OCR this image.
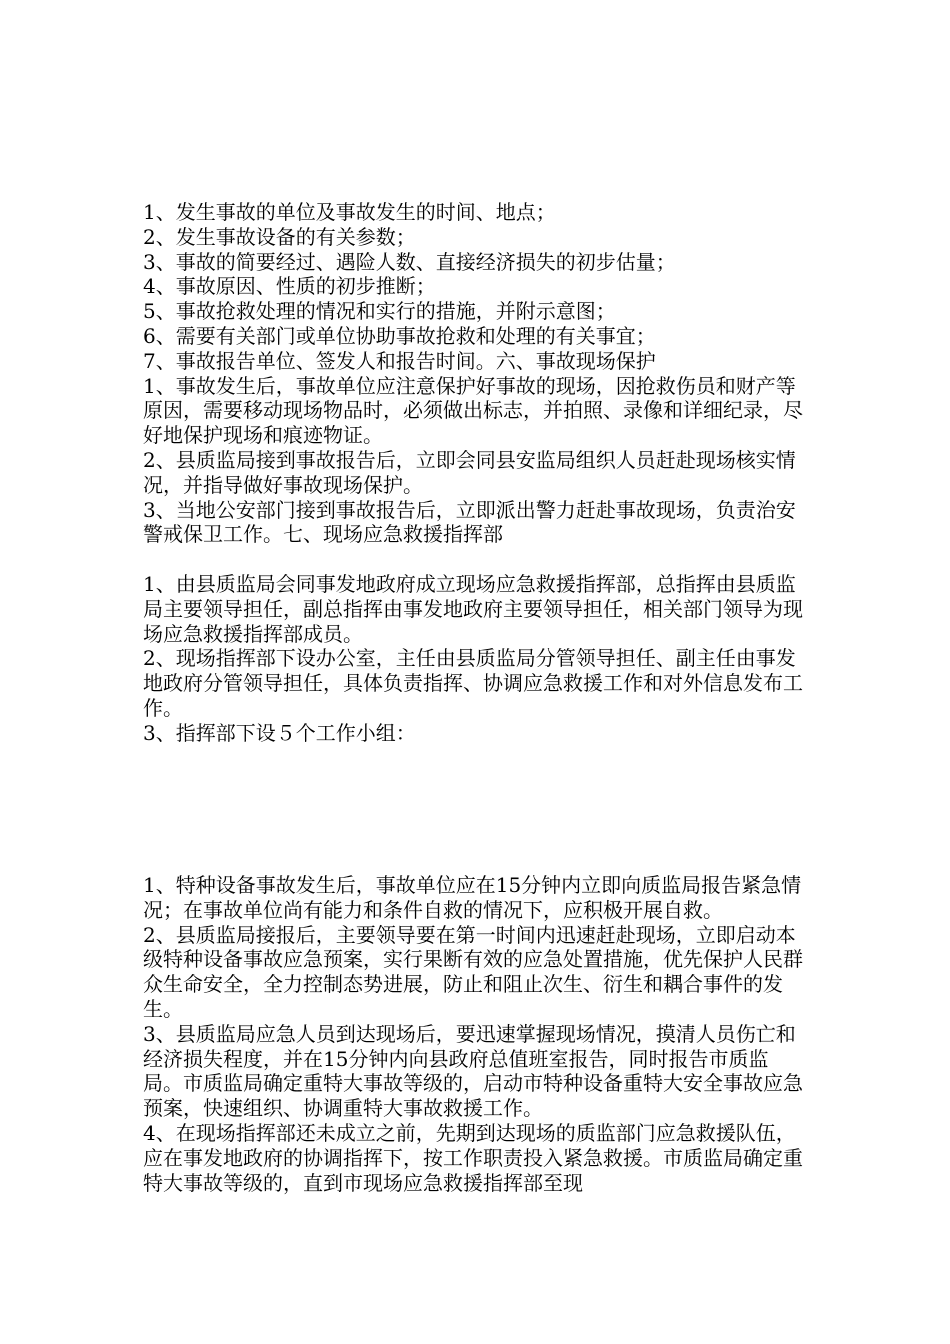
1、发生事故的单位及事故发生的时间、地点；

2、发生事故设备的有关参数；

3、事故的简要经过、遇险人数、直接经济损失的初步估量；

4、事故原因、性质的初步推断；

5、事故抢救处理的情况和实行的措施，并附示意图；

6、需要有关部门或单位协助事故抢救和处理的有关事宜；

7、事故报告单位、签发人和报告时间。六、事故现场保护

1、事故发生后，事故单位应注意保护好事故的现场，因抢救伤员和财产等原因，需要移动现场物品时，必须做出标志，并拍照、录像和详细纪录，尽好地保护现场和痕迹物证。

2、县质监局接到事故报告后，立即会同县安监局组织人员赶赴现场核实情况，并指导做好事故现场保护。

3、当地公安部门接到事故报告后，立即派出警力赶赴事故现场，负责治安警戒保卫工作。七、现场应急救援指挥部

1、由县质监局会同事发地政府成立现场应急救援指挥部，总指挥由县质监局主要领导担任，副总指挥由事发地政府主要领导担任，相关部门领导为现场应急救援指挥部成员。

2、现场指挥部下设办公室，主任由县质监局分管领导担任、副主任由事发地政府分管领导担任，具体负责指挥、协调应急救援工作和对外信息发布工作。

3、指挥部下设５个工作小组：

1、特种设备事故发生后，事故单位应在15分钟内立即向质监局报告紧急情况；在事故单位尚有能力和条件自救的情况下，应积极开展自救。

2、县质监局接报后，主要领导要在第一时间内迅速赶赴现场，立即启动本级特种设备事故应急预案，实行果断有效的应急处置措施，优先保护人民群众生命安全，全力控制态势进展，防止和阻止次生、衍生和耦合事件的发生。

3、县质监局应急人员到达现场后，要迅速掌握现场情况，摸清人员伤亡和经济损失程度，并在15分钟内向县政府总值班室报告，同时报告市质监局。市质监局确定重特大事故等级的，启动市特种设备重特大安全事故应急预案，快速组织、协调重特大事故救援工作。

4、在现场指挥部还未成立之前，先期到达现场的质监部门应急救援队伍，应在事发地政府的协调指挥下，按工作职责投入紧急救援。市质监局确定重特大事故等级的，直到市现场应急救援指挥部至现
